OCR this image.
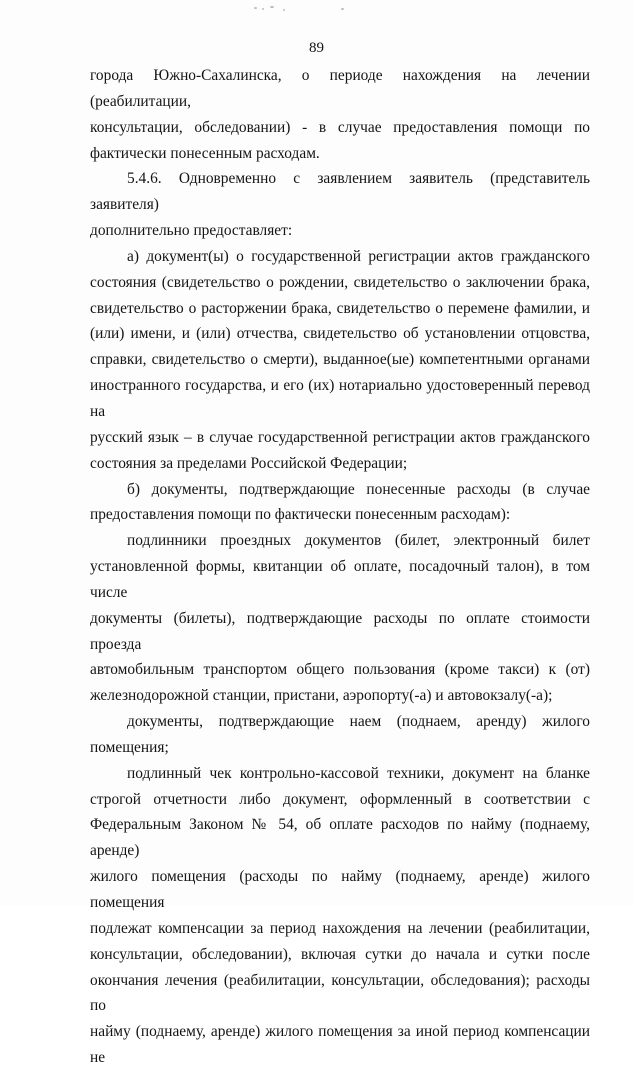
89
города Южно-Сахалинска, о периоде нахождения на лечении (реабилитации,
консультации, обследовании) - в случае предоставления помощи по
фактически понесенным расходам.
5.4.6. Одновременно с заявлением заявитель (представитель заявителя)
дополнительно предоставляет:
а) документ(ы) о государственной регистрации актов гражданского
состояния (свидетельство о рождении, свидетельство о заключении брака,
свидетельство о расторжении брака, свидетельство о перемене фамилии, и
(или) имени, и (или) отчества, свидетельство об установлении отцовства,
справки, свидетельство о смерти), выданное(ые) компетентными органами
иностранного государства, и его (их) нотариально удостоверенный перевод на
русский язык – в случае государственной регистрации актов гражданского
состояния за пределами Российской Федерации;
б) документы, подтверждающие понесенные расходы (в случае
предоставления помощи по фактически понесенным расходам):
подлинники проездных документов (билет, электронный билет
установленной формы, квитанции об оплате, посадочный талон), в том числе
документы (билеты), подтверждающие расходы по оплате стоимости проезда
автомобильным транспортом общего пользования (кроме такси) к (от)
железнодорожной станции, пристани, аэропорту(-а) и автовокзалу(-а);
документы, подтверждающие наем (поднаем, аренду) жилого
помещения;
подлинный чек контрольно-кассовой техники, документ на бланке
строгой отчетности либо документ, оформленный в соответствии с
Федеральным Законом № 54, об оплате расходов по найму (поднаему, аренде)
жилого помещения (расходы по найму (поднаему, аренде) жилого помещения
подлежат компенсации за период нахождения на лечении (реабилитации,
консультации, обследовании), включая сутки до начала и сутки после
окончания лечения (реабилитации, консультации, обследования); расходы по
найму (поднаему, аренде) жилого помещения за иной период компенсации не
